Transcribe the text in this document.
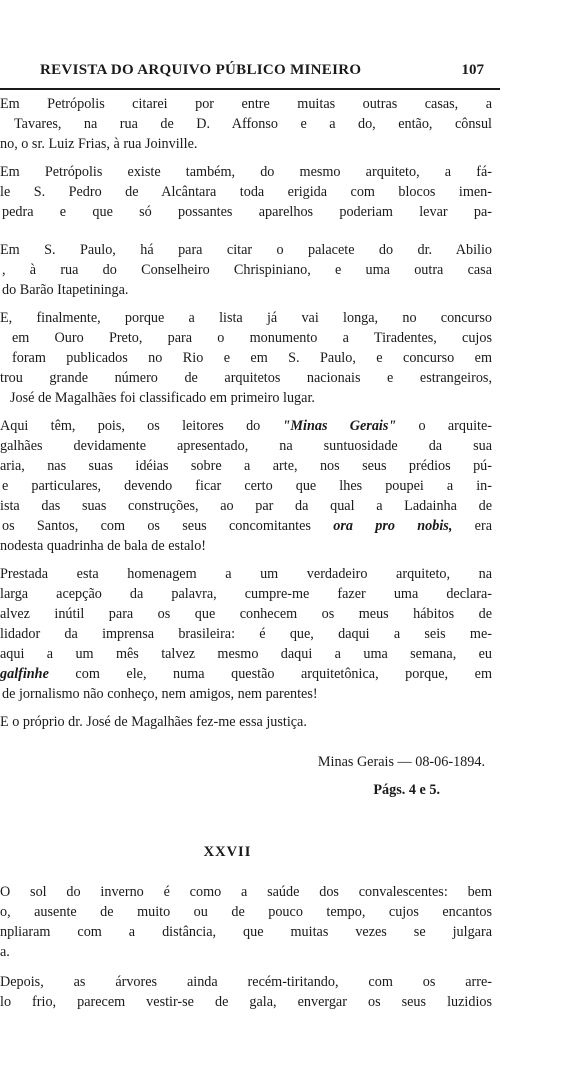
REVISTA DO ARQUIVO PÚBLICO MINEIRO	107
Em Petrópolis citarei por entre muitas outras casas, a
Tavares, na rua de D. Affonso e a do, então, cônsul
no, o sr. Luiz Frias, à rua Joinville.
Em Petrópolis existe também, do mesmo arquiteto, a fá-
le S. Pedro de Alcântara toda erigida com blocos imen-
pedra e que só possantes aparelhos poderiam levar pa-
Em S. Paulo, há para citar o palacete do dr. Abilio
, à rua do Conselheiro Chrispiniano, e uma outra casa
do Barão Itapetininga.
E, finalmente, porque a lista já vai longa, no concurso
em Ouro Preto, para o monumento a Tiradentes, cujos
foram publicados no Rio e em S. Paulo, e concurso em
trou grande número de arquitetos nacionais e estrangeiros,
José de Magalhães foi classificado em primeiro lugar.
Aqui têm, pois, os leitores do "Minas Gerais" o arquite-
galhães devidamente apresentado, na suntuosidade da sua
aria, nas suas idéias sobre a arte, nos seus prédios pú-
e particulares, devendo ficar certo que lhes poupei a in-
ista das suas construções, ao par da qual a Ladainha de
os Santos, com os seus concomitantes ora pro nobis, era
nodesta quadrinha de bala de estalo!
Prestada esta homenagem a um verdadeiro arquiteto, na
larga acepção da palavra, cumpre-me fazer uma declara-
alvez inútil para os que conhecem os meus hábitos de
lidador da imprensa brasileira: é que, daqui a seis me-
aqui a um mês talvez mesmo daqui a uma semana, eu
galfinhe com ele, numa questão arquitetônica, porque, em
de jornalismo não conheço, nem amigos, nem parentes!
E o próprio dr. José de Magalhães fez-me essa justiça.
Minas Gerais — 08-06-1894.
Págs. 4 e 5.
XXVII
O sol do inverno é como a saúde dos convalescentes: bem
o, ausente de muito ou de pouco tempo, cujos encantos
npliaram com a distância, que muitas vezes se julgara
a.
Depois, as árvores ainda recém-tiritando, com os arre-
lo frio, parecem vestir-se de gala, envergar os seus luzidios
